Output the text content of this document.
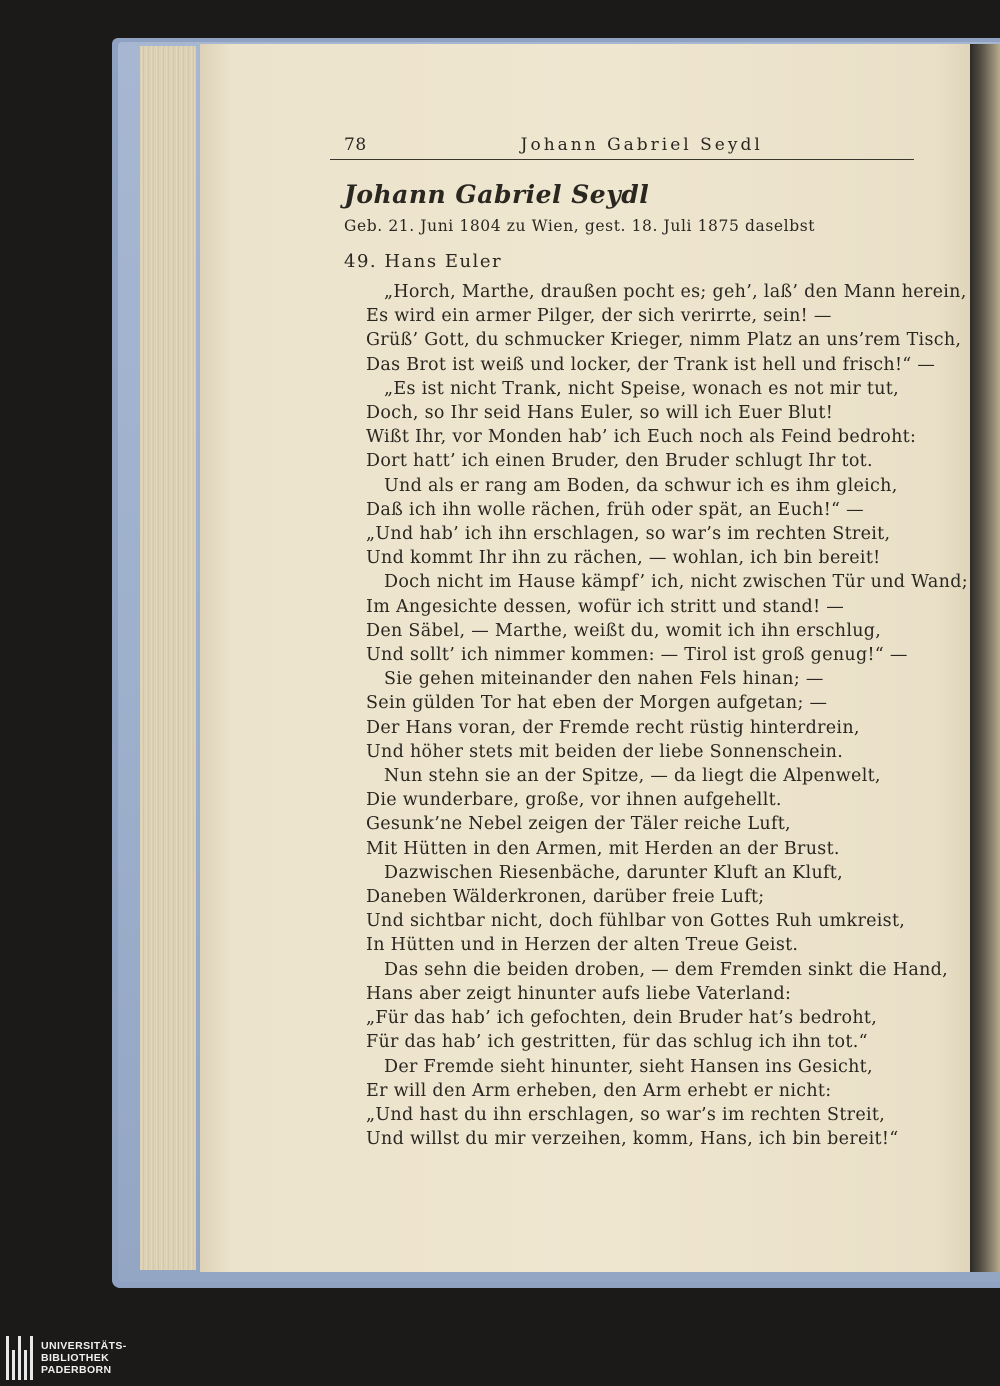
78	Johann Gabriel Seydl
Johann Gabriel Seydl
Geb. 21. Juni 1804 zu Wien, gest. 18. Juli 1875 daselbst
49. Hans Euler
„Horch, Marthe, draußen pocht es; geh’, laß’ den Mann herein,
Es wird ein armer Pilger, der sich verirrte, sein! —
Grüß’ Gott, du schmucker Krieger, nimm Platz an uns’rem Tisch,
Das Brot ist weiß und locker, der Trank ist hell und frisch!“ —
„Es ist nicht Trank, nicht Speise, wonach es not mir tut,
Doch, so Ihr seid Hans Euler, so will ich Euer Blut!
Wißt Ihr, vor Monden hab’ ich Euch noch als Feind bedroht:
Dort hatt’ ich einen Bruder, den Bruder schlugt Ihr tot.
Und als er rang am Boden, da schwur ich es ihm gleich,
Daß ich ihn wolle rächen, früh oder spät, an Euch!“ —
„Und hab’ ich ihn erschlagen, so war’s im rechten Streit,
Und kommt Ihr ihn zu rächen, — wohlan, ich bin bereit!
Doch nicht im Hause kämpf’ ich, nicht zwischen Tür und Wand;
Im Angesichte dessen, wofür ich stritt und stand! —
Den Säbel, — Marthe, weißt du, womit ich ihn erschlug,
Und sollt’ ich nimmer kommen: — Tirol ist groß genug!“ —
Sie gehen miteinander den nahen Fels hinan; —
Sein gülden Tor hat eben der Morgen aufgetan; —
Der Hans voran, der Fremde recht rüstig hinterdrein,
Und höher stets mit beiden der liebe Sonnenschein.
Nun stehn sie an der Spitze, — da liegt die Alpenwelt,
Die wunderbare, große, vor ihnen aufgehellt.
Gesunk’ne Nebel zeigen der Täler reiche Luft,
Mit Hütten in den Armen, mit Herden an der Brust.
Dazwischen Riesenbäche, darunter Kluft an Kluft,
Daneben Wälderkronen, darüber freie Luft;
Und sichtbar nicht, doch fühlbar von Gottes Ruh umkreist,
In Hütten und in Herzen der alten Treue Geist.
Das sehn die beiden droben, — dem Fremden sinkt die Hand,
Hans aber zeigt hinunter aufs liebe Vaterland:
„Für das hab’ ich gefochten, dein Bruder hat’s bedroht,
Für das hab’ ich gestritten, für das schlug ich ihn tot.“
Der Fremde sieht hinunter, sieht Hansen ins Gesicht,
Er will den Arm erheben, den Arm erhebt er nicht:
„Und hast du ihn erschlagen, so war’s im rechten Streit,
Und willst du mir verzeihen, komm, Hans, ich bin bereit!“
UNIVERSITÄTS-
BIBLIOTHEK
PADERBORN
